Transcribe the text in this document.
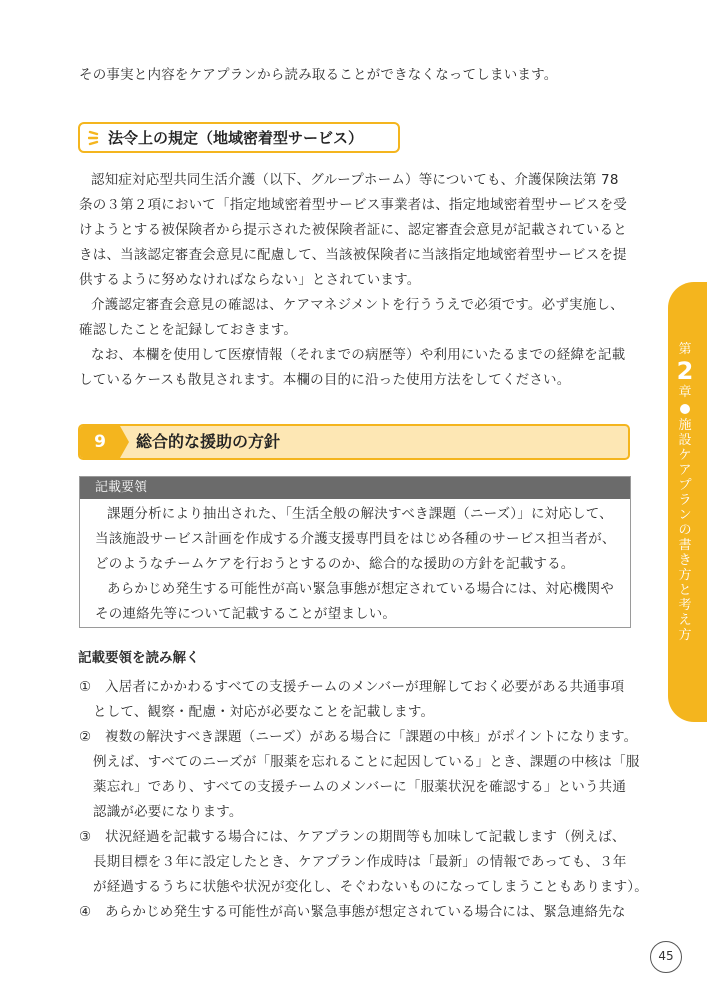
その事実と内容をケアプランから読み取ることができなくなってしまいます。
法令上の規定（地域密着型サービス）
認知症対応型共同生活介護（以下、グループホーム）等についても、介護保険法第 78
条の３第２項において「指定地域密着型サービス事業者は、指定地域密着型サービスを受
けようとする被保険者から提示された被保険者証に、認定審査会意見が記載されていると
きは、当該認定審査会意見に配慮して、当該被保険者に当該指定地域密着型サービスを提
供するように努めなければならない」とされています。
介護認定審査会意見の確認は、ケアマネジメントを行ううえで必須です。必ず実施し、
確認したことを記録しておきます。
なお、本欄を使用して医療情報（それまでの病歴等）や利用にいたるまでの経緯を記載
しているケースも散見されます。本欄の目的に沿った使用方法をしてください。
9	総合的な援助の方針
記載要領
課題分析により抽出された、「生活全般の解決すべき課題（ニーズ）」に対応して、
当該施設サービス計画を作成する介護支援専門員をはじめ各種のサービス担当者が、
どのようなチームケアを行おうとするのか、総合的な援助の方針を記載する。
あらかじめ発生する可能性が高い緊急事態が想定されている場合には、対応機関や
その連絡先等について記載することが望ましい。
記載要領を読み解く
①　入居者にかかわるすべての支援チームのメンバーが理解しておく必要がある共通事項
として、観察・配慮・対応が必要なことを記載します。
②　複数の解決すべき課題（ニーズ）がある場合に「課題の中核」がポイントになります。
例えば、すべてのニーズが「服薬を忘れることに起因している」とき、課題の中核は「服
薬忘れ」であり、すべての支援チームのメンバーに「服薬状況を確認する」という共通
認識が必要になります。
③　状況経過を記載する場合には、ケアプランの期間等も加味して記載します（例えば、
長期目標を３年に設定したとき、ケアプラン作成時は「最新」の情報であっても、３年
が経過するうちに状態や状況が変化し、そぐわないものになってしまうこともあります）。
④　あらかじめ発生する可能性が高い緊急事態が想定されている場合には、緊急連絡先な
第
2
章
施
設
ケ
ア
プ
ラ
ン
の
書
き
方
と
考
え
方
45
